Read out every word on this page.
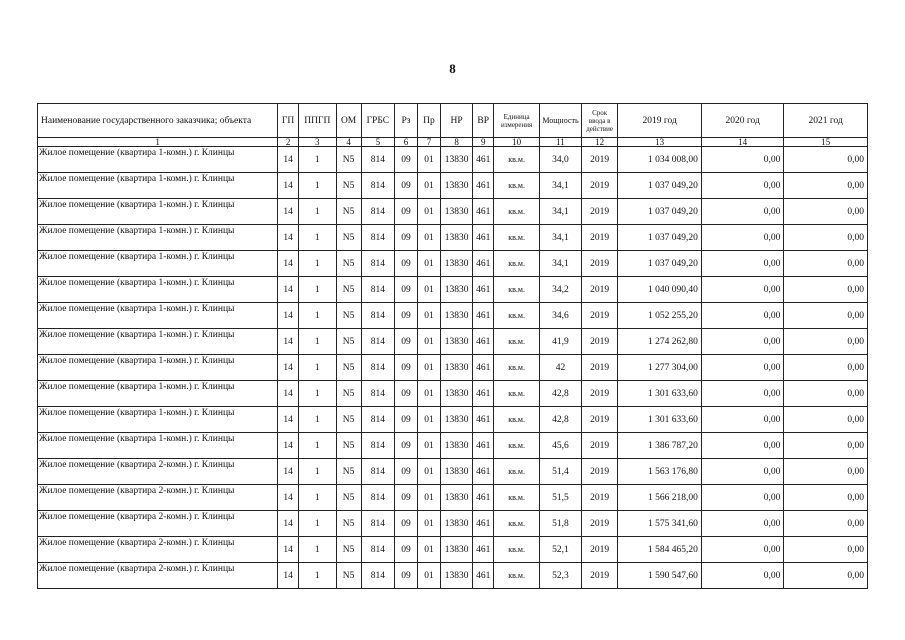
8
Наименование государственного заказчика; объекта	ГП	ППГП	ОМ	ГРБС	Рз	Пр	НР	ВР	Единица измерения	Мощность	Срок ввода в действие	2019 год	2020 год	2021 год
1	2	3	4	5	6	7	8	9	10	11	12	13	14	15
Жилое помещение (квартира 1-комн.) г. Клинцы	14	1	N5	814	09	01	13830	461	кв.м.	34,0	2019	1 034 008,00	0,00	0,00
Жилое помещение (квартира 1-комн.) г. Клинцы	14	1	N5	814	09	01	13830	461	кв.м.	34,1	2019	1 037 049,20	0,00	0,00
Жилое помещение (квартира 1-комн.) г. Клинцы	14	1	N5	814	09	01	13830	461	кв.м.	34,1	2019	1 037 049,20	0,00	0,00
Жилое помещение (квартира 1-комн.) г. Клинцы	14	1	N5	814	09	01	13830	461	кв.м.	34,1	2019	1 037 049,20	0,00	0,00
Жилое помещение (квартира 1-комн.) г. Клинцы	14	1	N5	814	09	01	13830	461	кв.м.	34,1	2019	1 037 049,20	0,00	0,00
Жилое помещение (квартира 1-комн.) г. Клинцы	14	1	N5	814	09	01	13830	461	кв.м.	34,2	2019	1 040 090,40	0,00	0,00
Жилое помещение (квартира 1-комн.) г. Клинцы	14	1	N5	814	09	01	13830	461	кв.м.	34,6	2019	1 052 255,20	0,00	0,00
Жилое помещение (квартира 1-комн.) г. Клинцы	14	1	N5	814	09	01	13830	461	кв.м.	41,9	2019	1 274 262,80	0,00	0,00
Жилое помещение (квартира 1-комн.) г. Клинцы	14	1	N5	814	09	01	13830	461	кв.м.	42	2019	1 277 304,00	0,00	0,00
Жилое помещение (квартира 1-комн.) г. Клинцы	14	1	N5	814	09	01	13830	461	кв.м.	42,8	2019	1 301 633,60	0,00	0,00
Жилое помещение (квартира 1-комн.) г. Клинцы	14	1	N5	814	09	01	13830	461	кв.м.	42,8	2019	1 301 633,60	0,00	0,00
Жилое помещение (квартира 1-комн.) г. Клинцы	14	1	N5	814	09	01	13830	461	кв.м.	45,6	2019	1 386 787,20	0,00	0,00
Жилое помещение (квартира 2-комн.) г. Клинцы	14	1	N5	814	09	01	13830	461	кв.м.	51,4	2019	1 563 176,80	0,00	0,00
Жилое помещение (квартира 2-комн.) г. Клинцы	14	1	N5	814	09	01	13830	461	кв.м.	51,5	2019	1 566 218,00	0,00	0,00
Жилое помещение (квартира 2-комн.) г. Клинцы	14	1	N5	814	09	01	13830	461	кв.м.	51,8	2019	1 575 341,60	0,00	0,00
Жилое помещение (квартира 2-комн.) г. Клинцы	14	1	N5	814	09	01	13830	461	кв.м.	52,1	2019	1 584 465,20	0,00	0,00
Жилое помещение (квартира 2-комн.) г. Клинцы	14	1	N5	814	09	01	13830	461	кв.м.	52,3	2019	1 590 547,60	0,00	0,00
